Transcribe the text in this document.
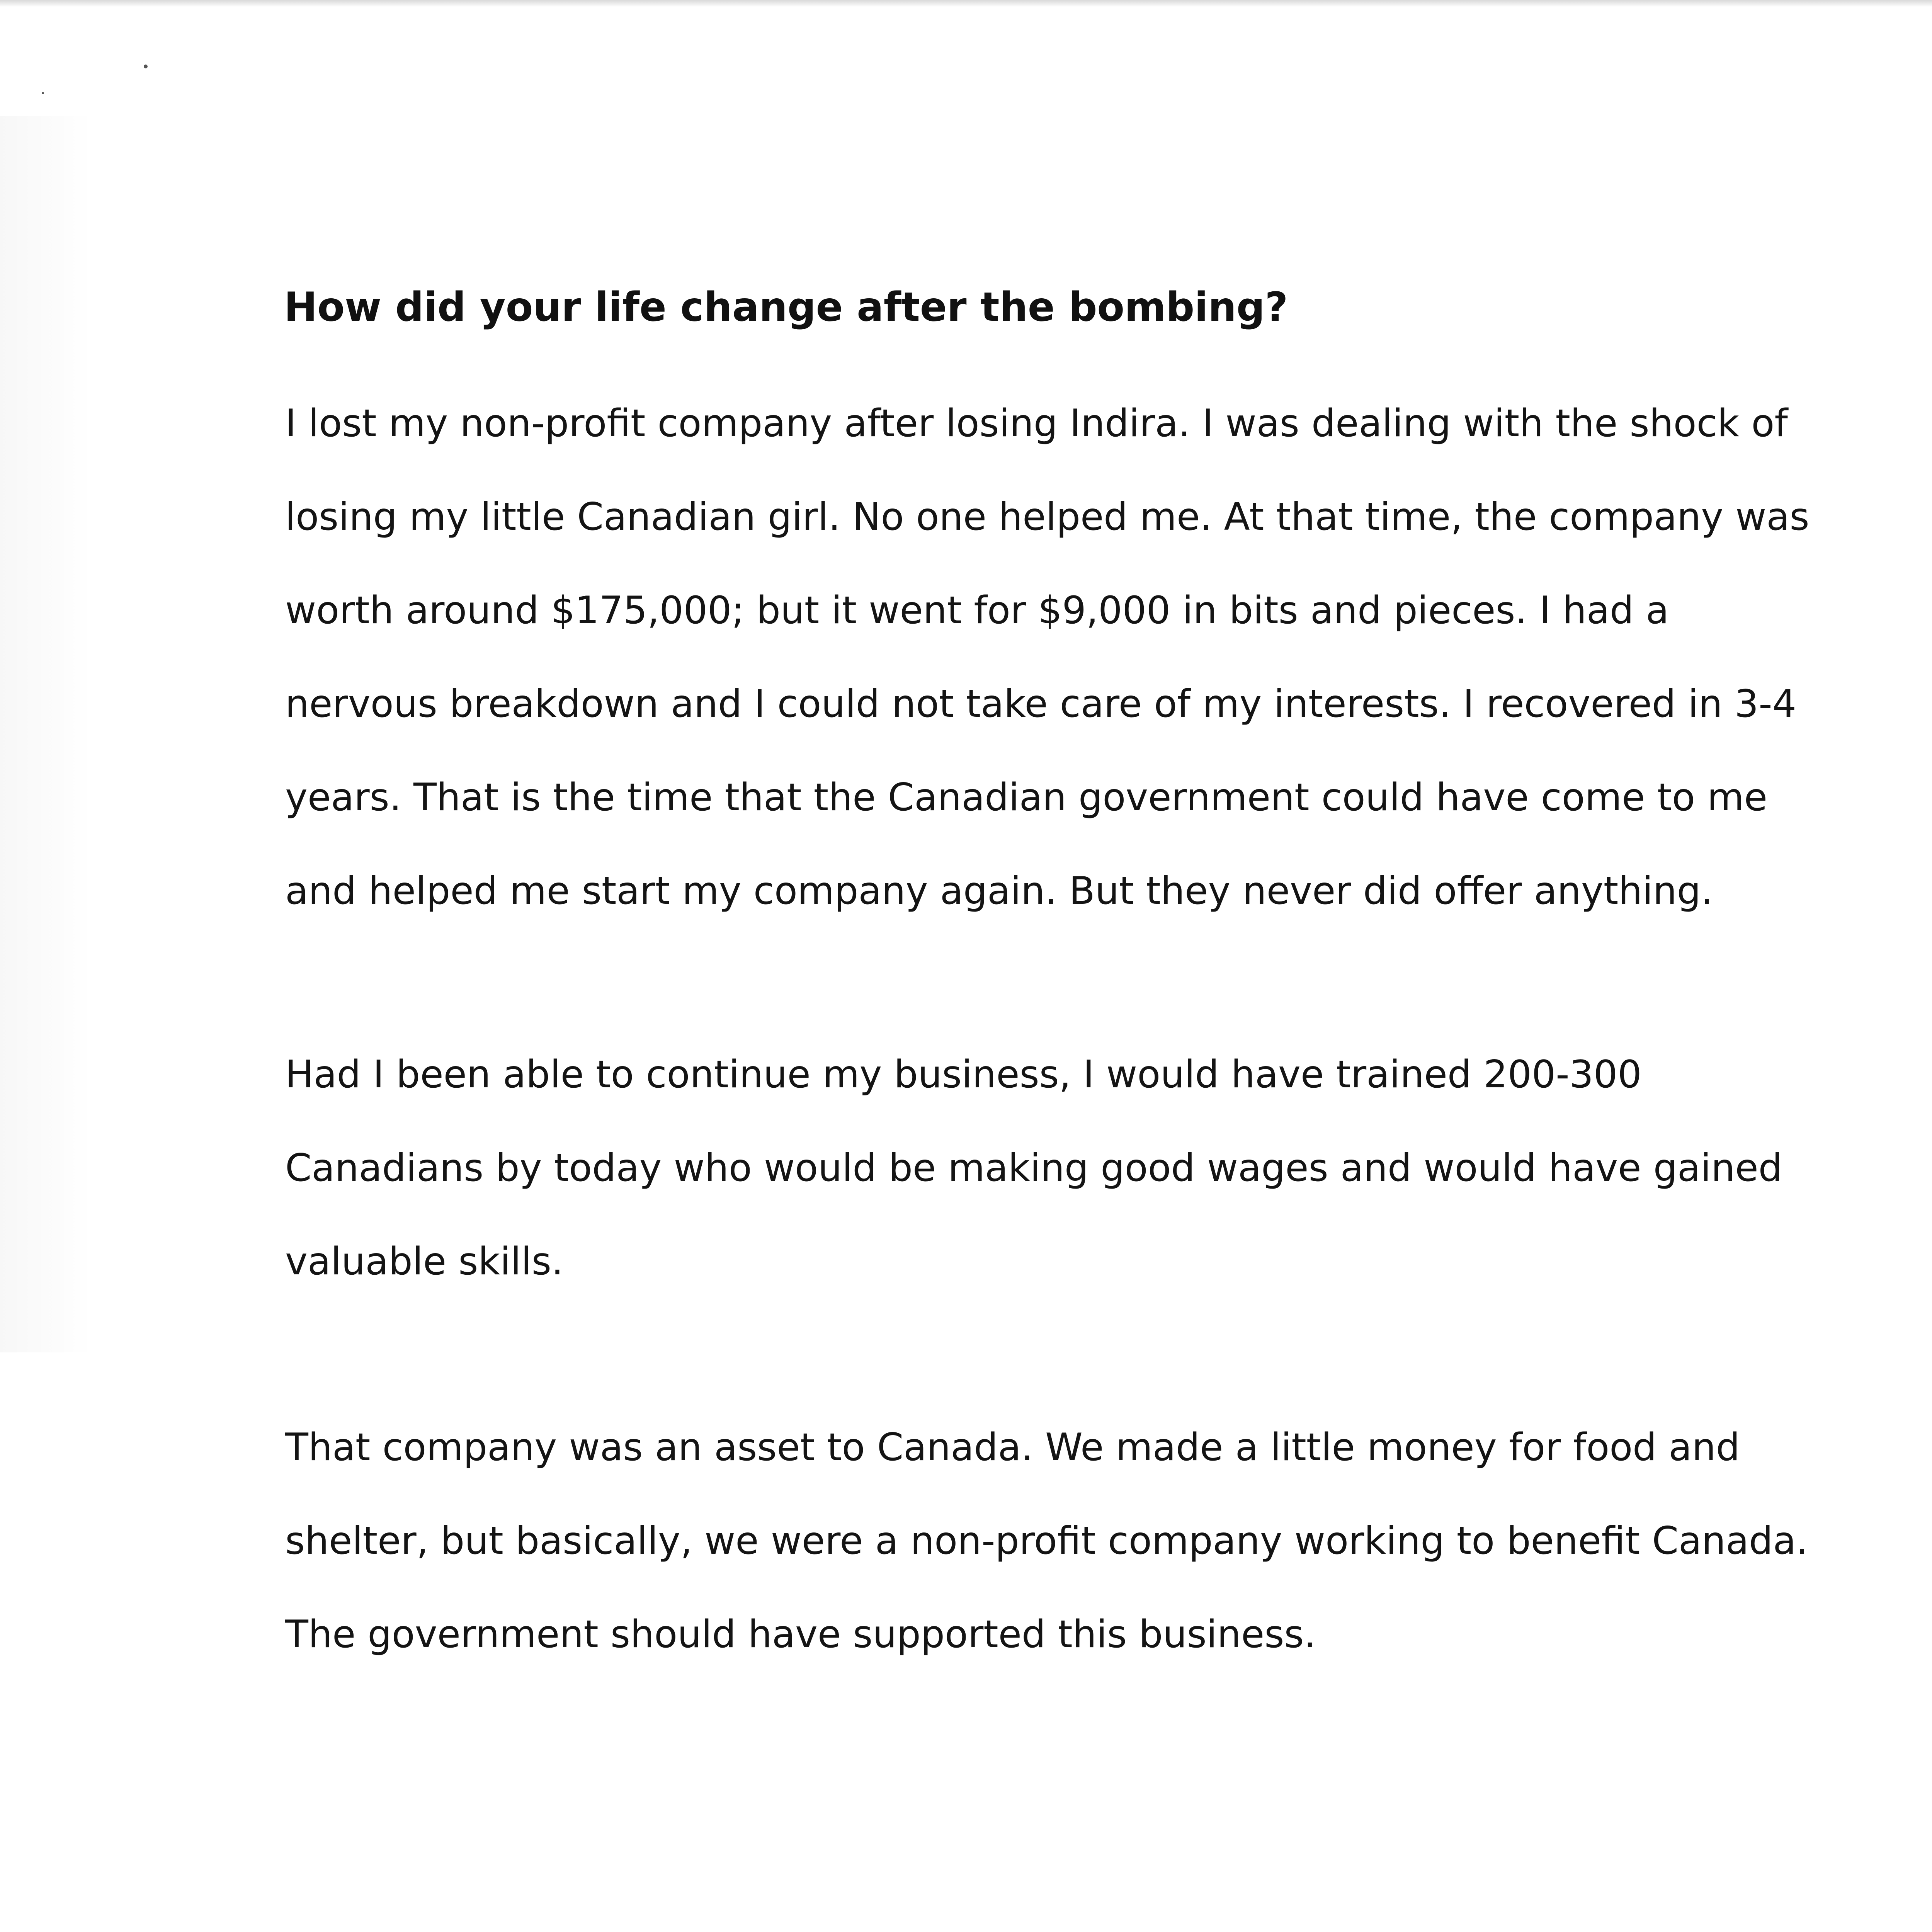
How did your life change after the bombing?
I lost my non-profit company after losing Indira. I was dealing with the shock of
losing my little Canadian girl. No one helped me. At that time, the company was
worth around $175,000; but it went for $9,000 in bits and pieces. I had a
nervous breakdown and I could not take care of my interests. I recovered in 3-4
years. That is the time that the Canadian government could have come to me
and helped me start my company again. But they never did offer anything.
Had I been able to continue my business, I would have trained 200-300
Canadians by today who would be making good wages and would have gained
valuable skills.
That company was an asset to Canada. We made a little money for food and
shelter, but basically, we were a non-profit company working to benefit Canada.
The government should have supported this business.
